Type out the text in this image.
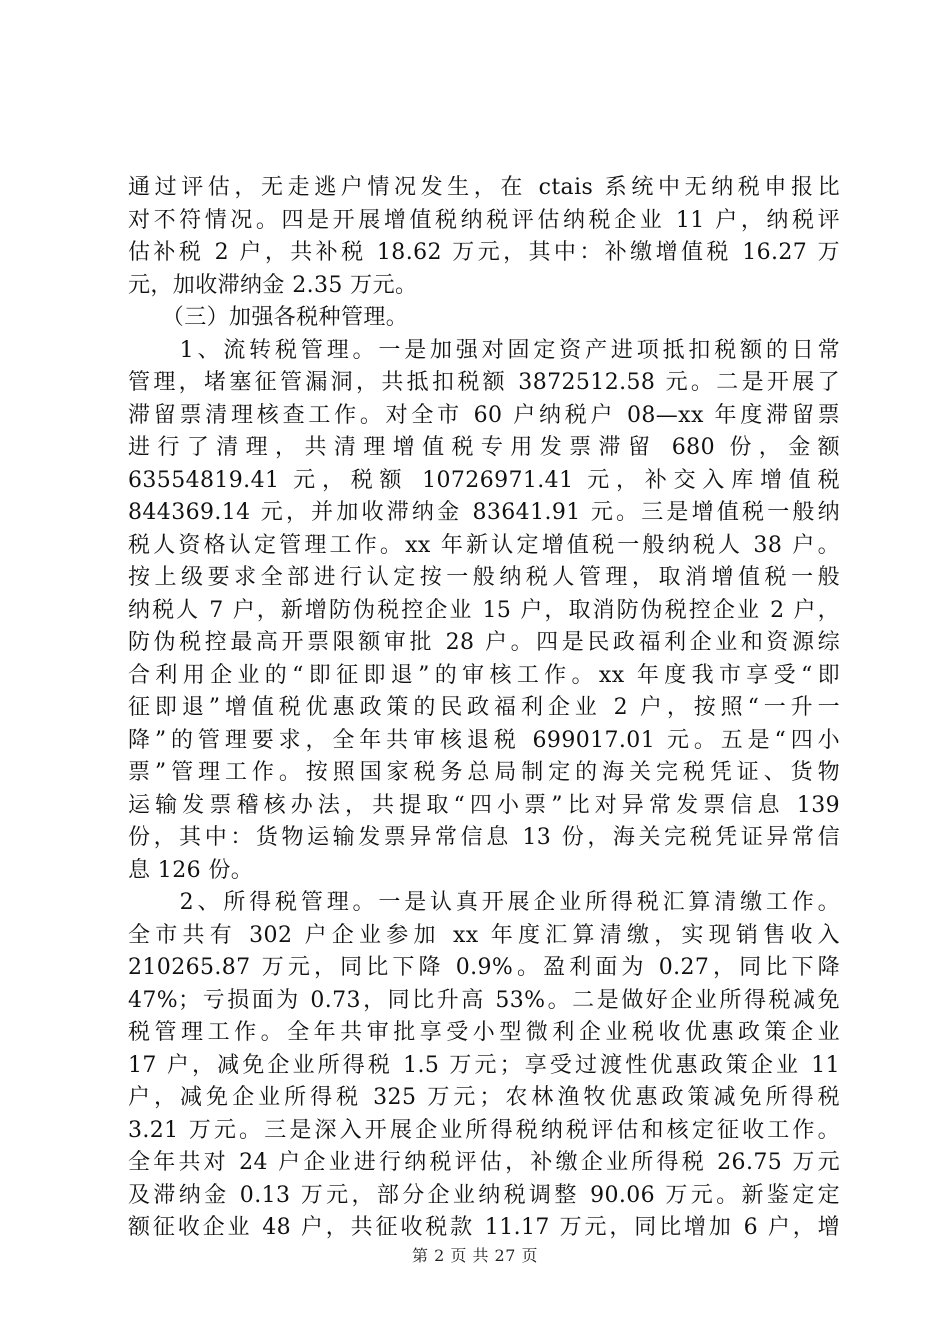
通过评估，无走逃户情况发生，在 ctais 系统中无纳税申报比
对不符情况。四是开展增值税纳税评估纳税企业 11 户，纳税评
估补税 2 户，共补税 18.62 万元，其中：补缴增值税 16.27 万
元，加收滞纳金 2.35 万元。
　　（三）加强各税种管理。
　　1、流转税管理。一是加强对固定资产进项抵扣税额的日常
管理，堵塞征管漏洞，共抵扣税额 3872512.58 元。二是开展了
滞留票清理核查工作。对全市 60 户纳税户 08—xx 年度滞留票
进行了清理，共清理增值税专用发票滞留 680 份，金额
63554819.41 元，税额 10726971.41 元，补交入库增值税
844369.14 元，并加收滞纳金 83641.91 元。三是增值税一般纳
税人资格认定管理工作。xx 年新认定增值税一般纳税人 38 户。
按上级要求全部进行认定按一般纳税人管理，取消增值税一般
纳税人 7 户，新增防伪税控企业 15 户，取消防伪税控企业 2 户，
防伪税控最高开票限额审批 28 户。四是民政福利企业和资源综
合利用企业的“即征即退”的审核工作。xx 年度我市享受“即
征即退”增值税优惠政策的民政福利企业 2 户，按照“一升一
降”的管理要求，全年共审核退税 699017.01 元。五是“四小
票”管理工作。按照国家税务总局制定的海关完税凭证、货物
运输发票稽核办法，共提取“四小票”比对异常发票信息 139
份，其中：货物运输发票异常信息 13 份，海关完税凭证异常信
息 126 份。
　　2、所得税管理。一是认真开展企业所得税汇算清缴工作。
全市共有 302 户企业参加 xx 年度汇算清缴，实现销售收入
210265.87 万元，同比下降 0.9%。盈利面为 0.27，同比下降
47%；亏损面为 0.73，同比升高 53%。二是做好企业所得税减免
税管理工作。全年共审批享受小型微利企业税收优惠政策企业
17 户，减免企业所得税 1.5 万元；享受过渡性优惠政策企业 11
户，减免企业所得税 325 万元；农林渔牧优惠政策减免所得税
3.21 万元。三是深入开展企业所得税纳税评估和核定征收工作。
全年共对 24 户企业进行纳税评估，补缴企业所得税 26.75 万元
及滞纳金 0.13 万元，部分企业纳税调整 90.06 万元。新鉴定定
额征收企业 48 户，共征收税款 11.17 万元，同比增加 6 户，增
第 2 页 共 27 页
